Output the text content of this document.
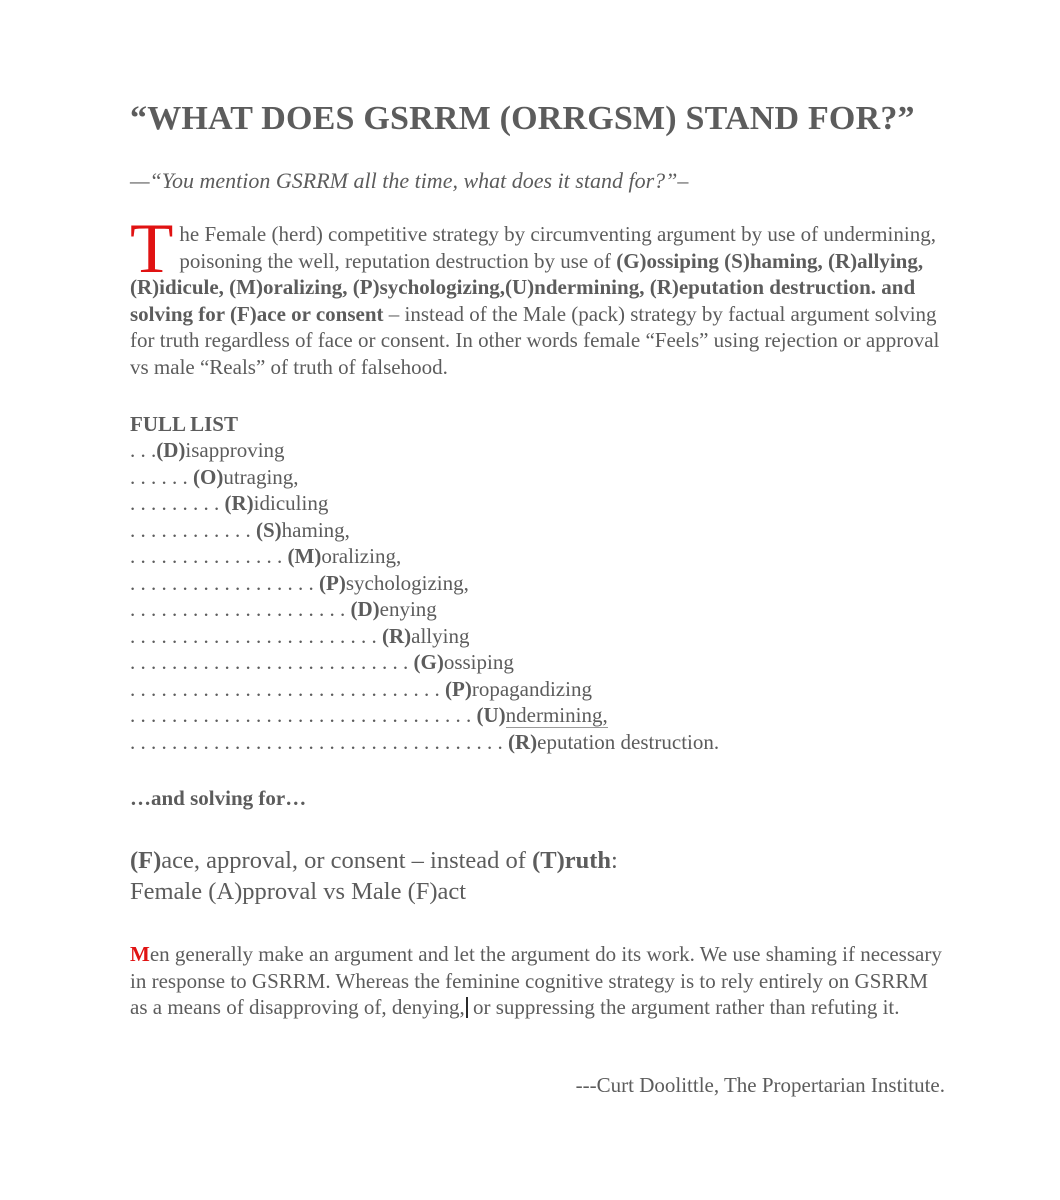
“WHAT DOES GSRRM (ORRGSM) STAND FOR?”

—“You mention GSRRM all the time, what does it stand for?”–

The Female (herd) competitive strategy by circumventing argument by use of undermining, poisoning the well, reputation destruction by use of (G)ossiping (S)haming, (R)allying, (R)idicule, (M)oralizing, (P)sychologizing,(U)ndermining, (R)eputation destruction. and solving for (F)ace or consent – instead of the Male (pack) strategy by factual argument solving for truth regardless of face or consent. In other words female “Feels” using rejection or approval vs male “Reals” of truth of falsehood.

FULL LIST

. . .(D)isapproving

. . . . . . (O)utraging,

. . . . . . . . . (R)idiculing

. . . . . . . . . . . . (S)haming,

. . . . . . . . . . . . . . . (M)oralizing,

. . . . . . . . . . . . . . . . . . (P)sychologizing,

. . . . . . . . . . . . . . . . . . . . . (D)enying

. . . . . . . . . . . . . . . . . . . . . . . . (R)allying

. . . . . . . . . . . . . . . . . . . . . . . . . . . (G)ossiping

. . . . . . . . . . . . . . . . . . . . . . . . . . . . . . (P)ropagandizing

. . . . . . . . . . . . . . . . . . . . . . . . . . . . . . . . . (U)ndermining,

. . . . . . . . . . . . . . . . . . . . . . . . . . . . . . . . . . . . (R)eputation destruction.

…and solving for…

(F)ace, approval, or consent – instead of (T)ruth:

Female (A)pproval vs Male (F)act

Men generally make an argument and let the argument do its work. We use shaming if necessary in response to GSRRM. Whereas the feminine cognitive strategy is to rely entirely on GSRRM as a means of disapproving of, denying, or suppressing the argument rather than refuting it.

---Curt Doolittle, The Propertarian Institute.
